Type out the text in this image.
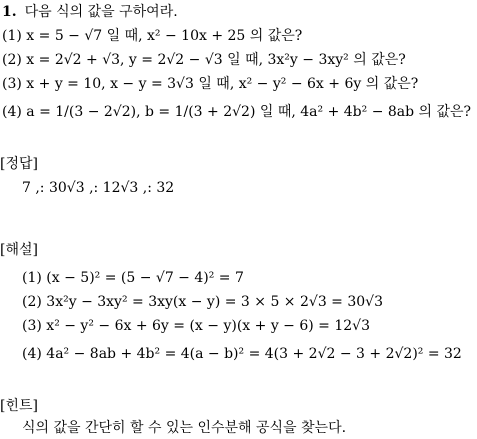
1. 다음 식의 값을 구하여라.
(1) x = 5 − √7 일 때, x² − 10x + 25 의 값은?
(2) x = 2√2 + √3, y = 2√2 − √3 일 때, 3x²y − 3xy² 의 값은?
(3) x + y = 10, x − y = 3√3 일 때, x² − y² − 6x + 6y 의 값은?
(4) a = 1/(3 − 2√2), b = 1/(3 + 2√2) 일 때, 4a² + 4b² − 8ab 의 값은?
[정답]
7 ,: 30√3 ,: 12√3 ,: 32
[해설]
(1) (x − 5)² = (5 − √7 − 4)² = 7
(2) 3x²y − 3xy² = 3xy(x − y) = 3 × 5 × 2√3 = 30√3
(3) x² − y² − 6x + 6y = (x − y)(x + y − 6) = 12√3
(4) 4a² − 8ab + 4b² = 4(a − b)² = 4(3 + 2√2 − 3 + 2√2)² = 32
[힌트]
식의 값을 간단히 할 수 있는 인수분해 공식을 찾는다.
